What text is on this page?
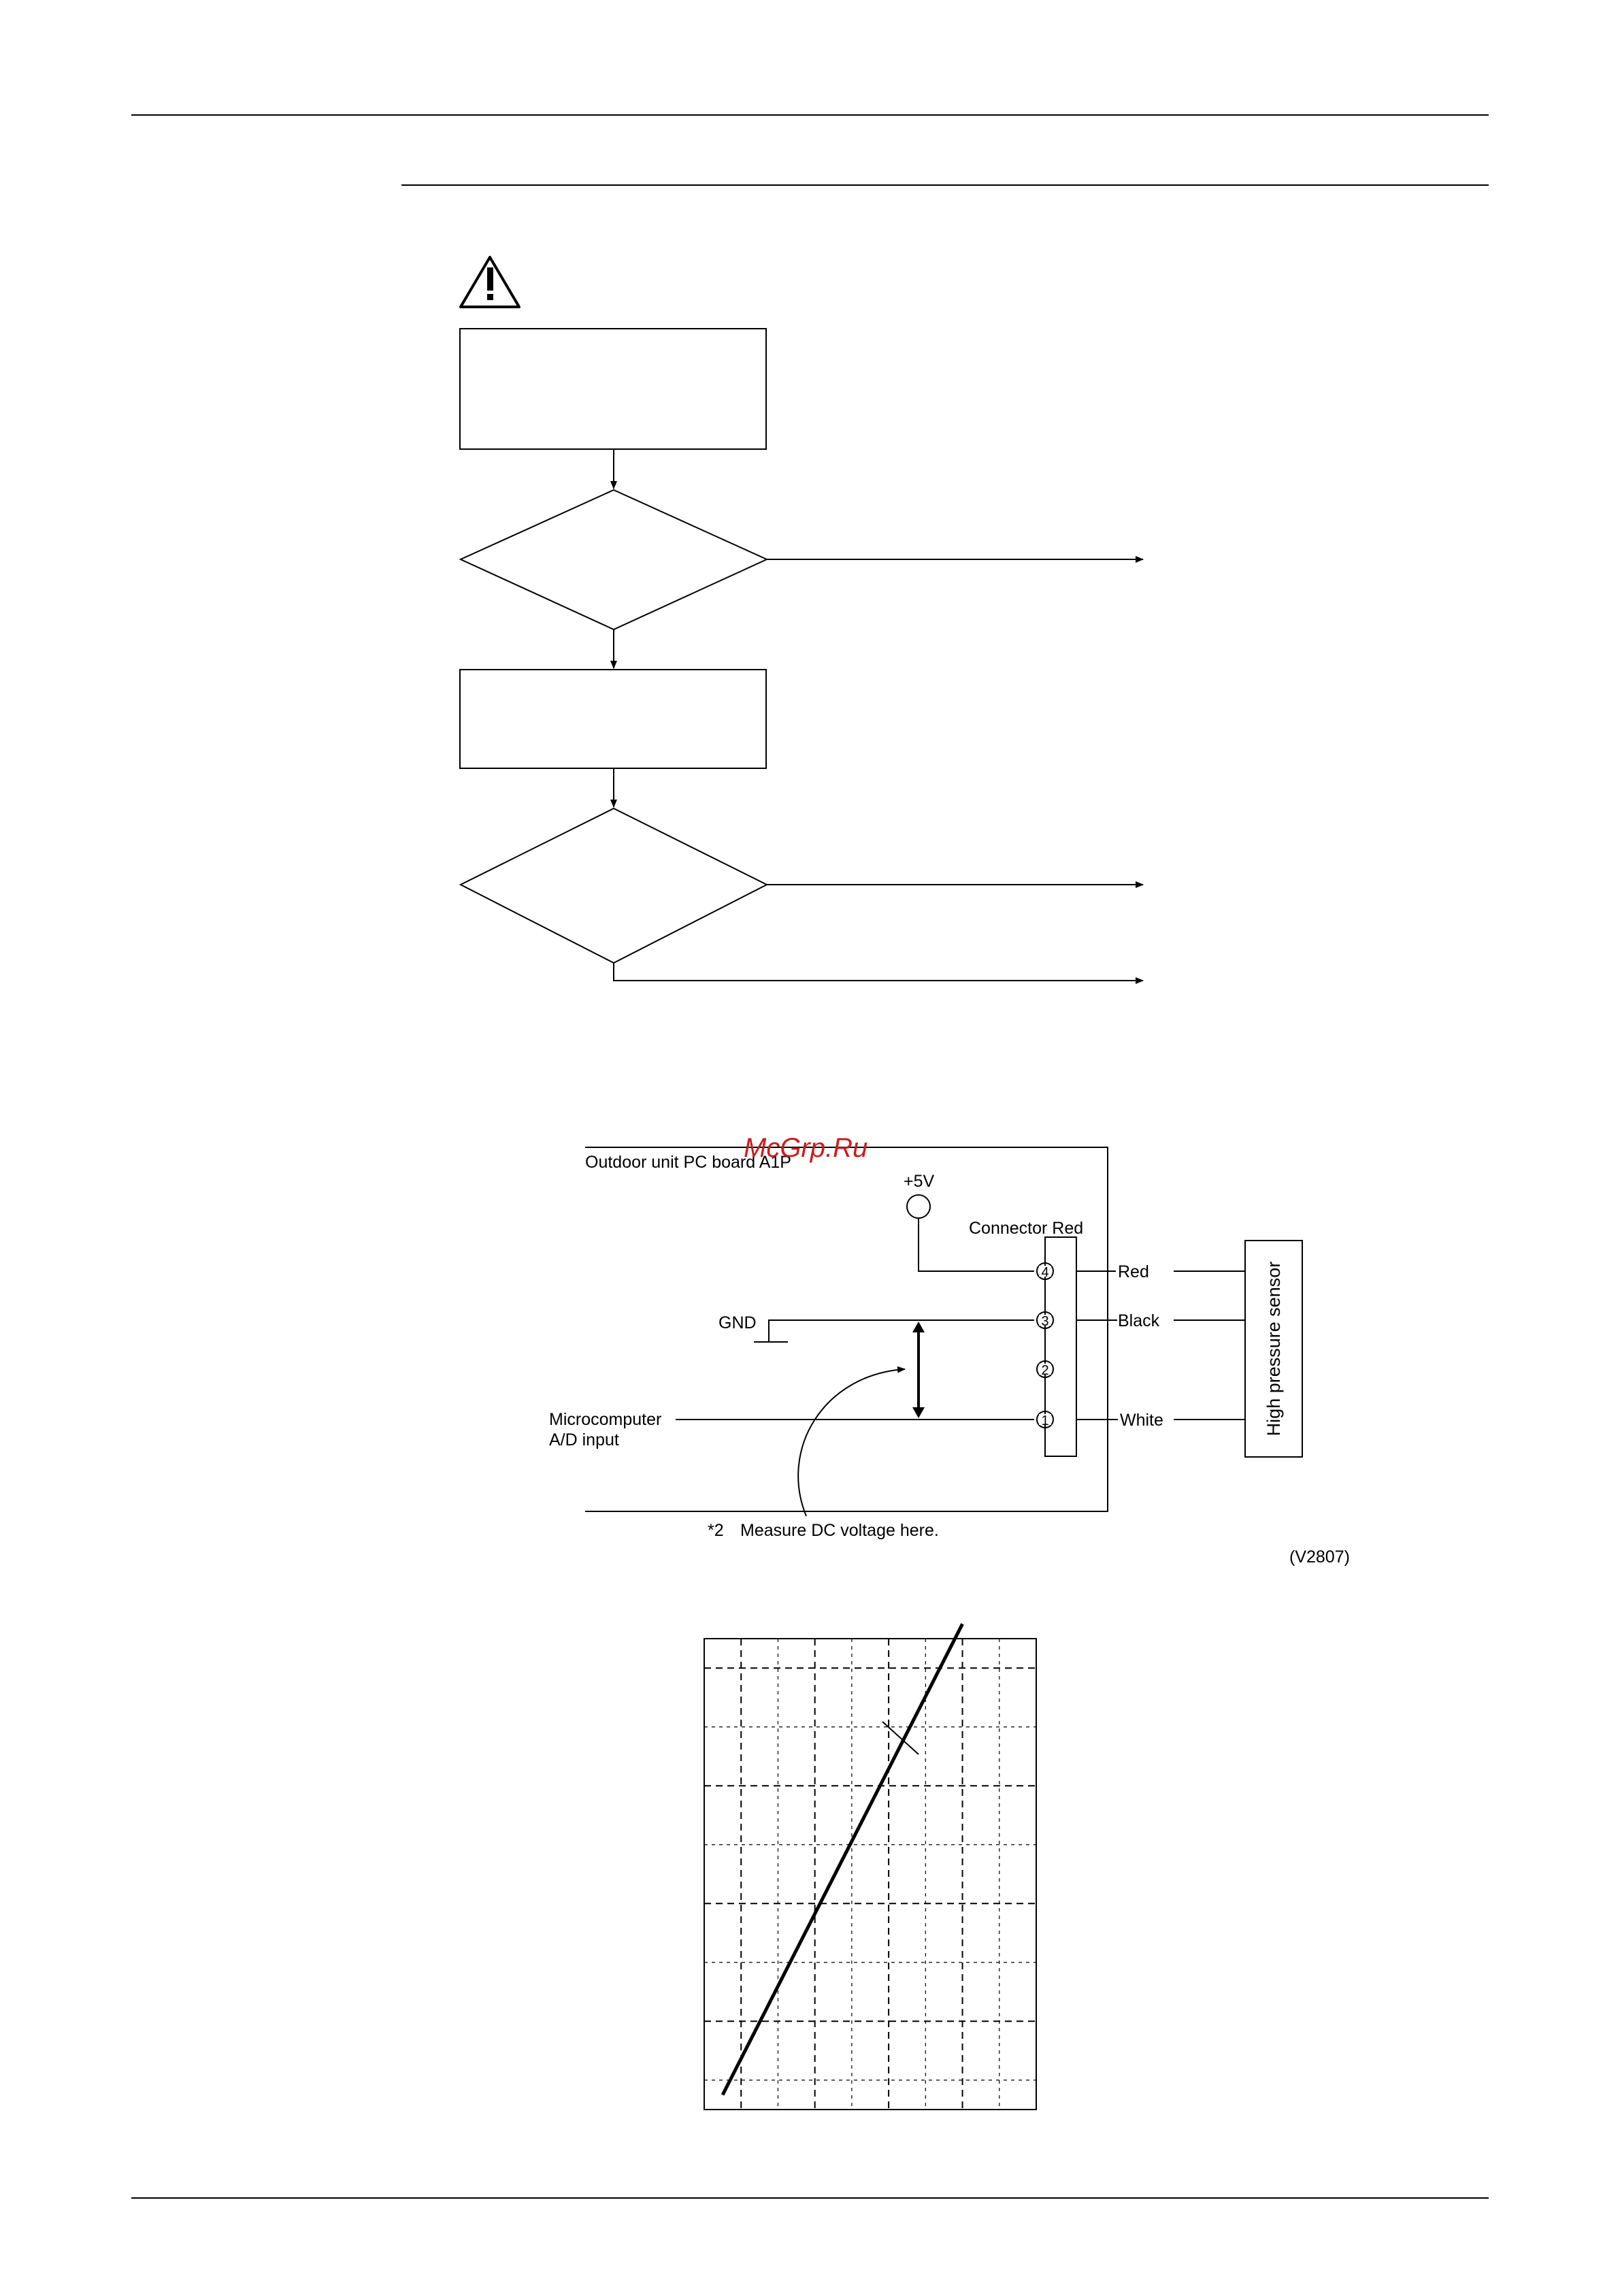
Outdoor unit PC board A1P
+5V
Connector Red
GND
Microcomputer
A/D input
4
3
2
1
Red
Black
White	High pressure sensor
*2 Measure DC voltage here.
(V2807)
McGrp.Ru
